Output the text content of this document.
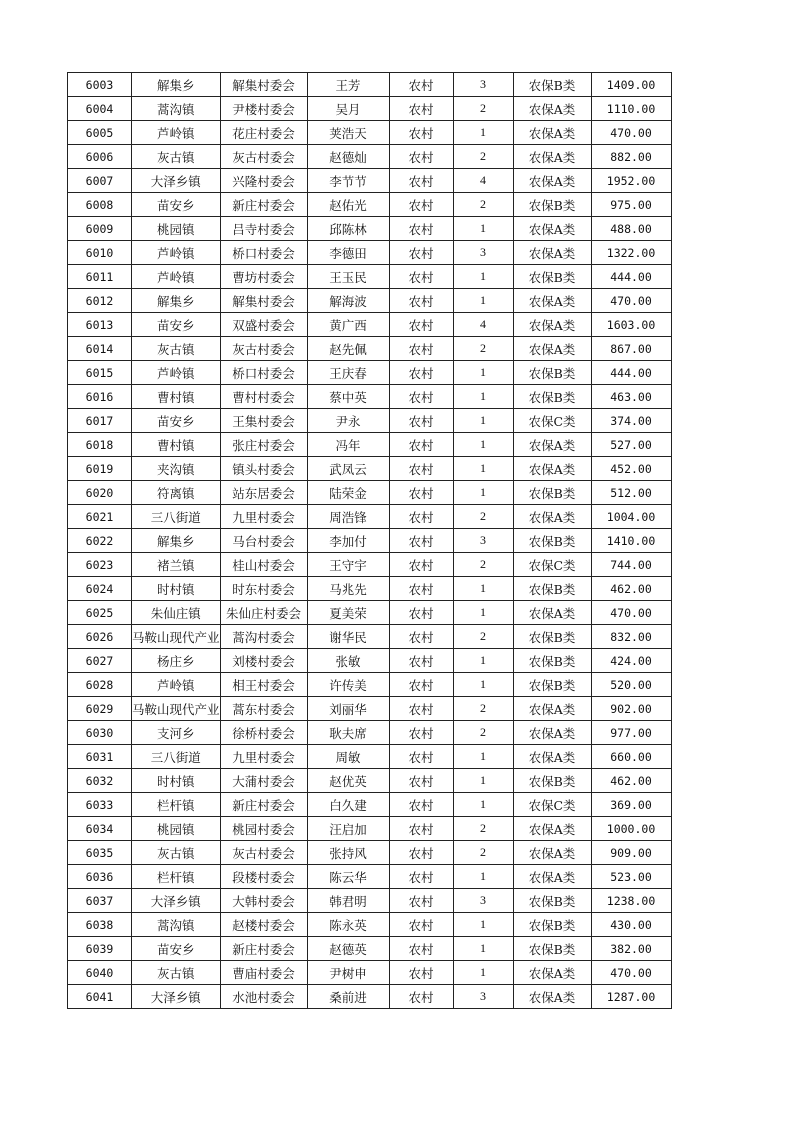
6003	解集乡	解集村委会	王芳	农村	3	农保B类	1409.00
6004	蒿沟镇	尹楼村委会	吴月	农村	2	农保A类	1110.00
6005	芦岭镇	花庄村委会	荚浩天	农村	1	农保A类	470.00
6006	灰古镇	灰古村委会	赵德灿	农村	2	农保A类	882.00
6007	大泽乡镇	兴隆村委会	李节节	农村	4	农保A类	1952.00
6008	苗安乡	新庄村委会	赵佑光	农村	2	农保B类	975.00
6009	桃园镇	吕寺村委会	邱陈林	农村	1	农保A类	488.00
6010	芦岭镇	桥口村委会	李德田	农村	3	农保A类	1322.00
6011	芦岭镇	曹坊村委会	王玉民	农村	1	农保B类	444.00
6012	解集乡	解集村委会	解海波	农村	1	农保A类	470.00
6013	苗安乡	双盛村委会	黄广西	农村	4	农保A类	1603.00
6014	灰古镇	灰古村委会	赵先佩	农村	2	农保A类	867.00
6015	芦岭镇	桥口村委会	王庆春	农村	1	农保B类	444.00
6016	曹村镇	曹村村委会	蔡中英	农村	1	农保B类	463.00
6017	苗安乡	王集村委会	尹永	农村	1	农保C类	374.00
6018	曹村镇	张庄村委会	冯年	农村	1	农保A类	527.00
6019	夹沟镇	镇头村委会	武凤云	农村	1	农保A类	452.00
6020	符离镇	站东居委会	陆荣金	农村	1	农保B类	512.00
6021	三八街道	九里村委会	周浩锋	农村	2	农保A类	1004.00
6022	解集乡	马台村委会	李加付	农村	3	农保B类	1410.00
6023	褚兰镇	桂山村委会	王守宇	农村	2	农保C类	744.00
6024	时村镇	时东村委会	马兆先	农村	1	农保B类	462.00
6025	朱仙庄镇	朱仙庄村委会	夏美荣	农村	1	农保A类	470.00
6026	马鞍山现代产业	蒿沟村委会	谢华民	农村	2	农保B类	832.00
6027	杨庄乡	刘楼村委会	张敏	农村	1	农保B类	424.00
6028	芦岭镇	相王村委会	许传美	农村	1	农保B类	520.00
6029	马鞍山现代产业	蒿东村委会	刘丽华	农村	2	农保A类	902.00
6030	支河乡	徐桥村委会	耿夫席	农村	2	农保A类	977.00
6031	三八街道	九里村委会	周敏	农村	1	农保A类	660.00
6032	时村镇	大蒲村委会	赵优英	农村	1	农保B类	462.00
6033	栏杆镇	新庄村委会	白久建	农村	1	农保C类	369.00
6034	桃园镇	桃园村委会	汪启加	农村	2	农保A类	1000.00
6035	灰古镇	灰古村委会	张持风	农村	2	农保A类	909.00
6036	栏杆镇	段楼村委会	陈云华	农村	1	农保A类	523.00
6037	大泽乡镇	大韩村委会	韩君明	农村	3	农保B类	1238.00
6038	蒿沟镇	赵楼村委会	陈永英	农村	1	农保B类	430.00
6039	苗安乡	新庄村委会	赵德英	农村	1	农保B类	382.00
6040	灰古镇	曹庙村委会	尹树申	农村	1	农保A类	470.00
6041	大泽乡镇	水池村委会	桑前进	农村	3	农保A类	1287.00
